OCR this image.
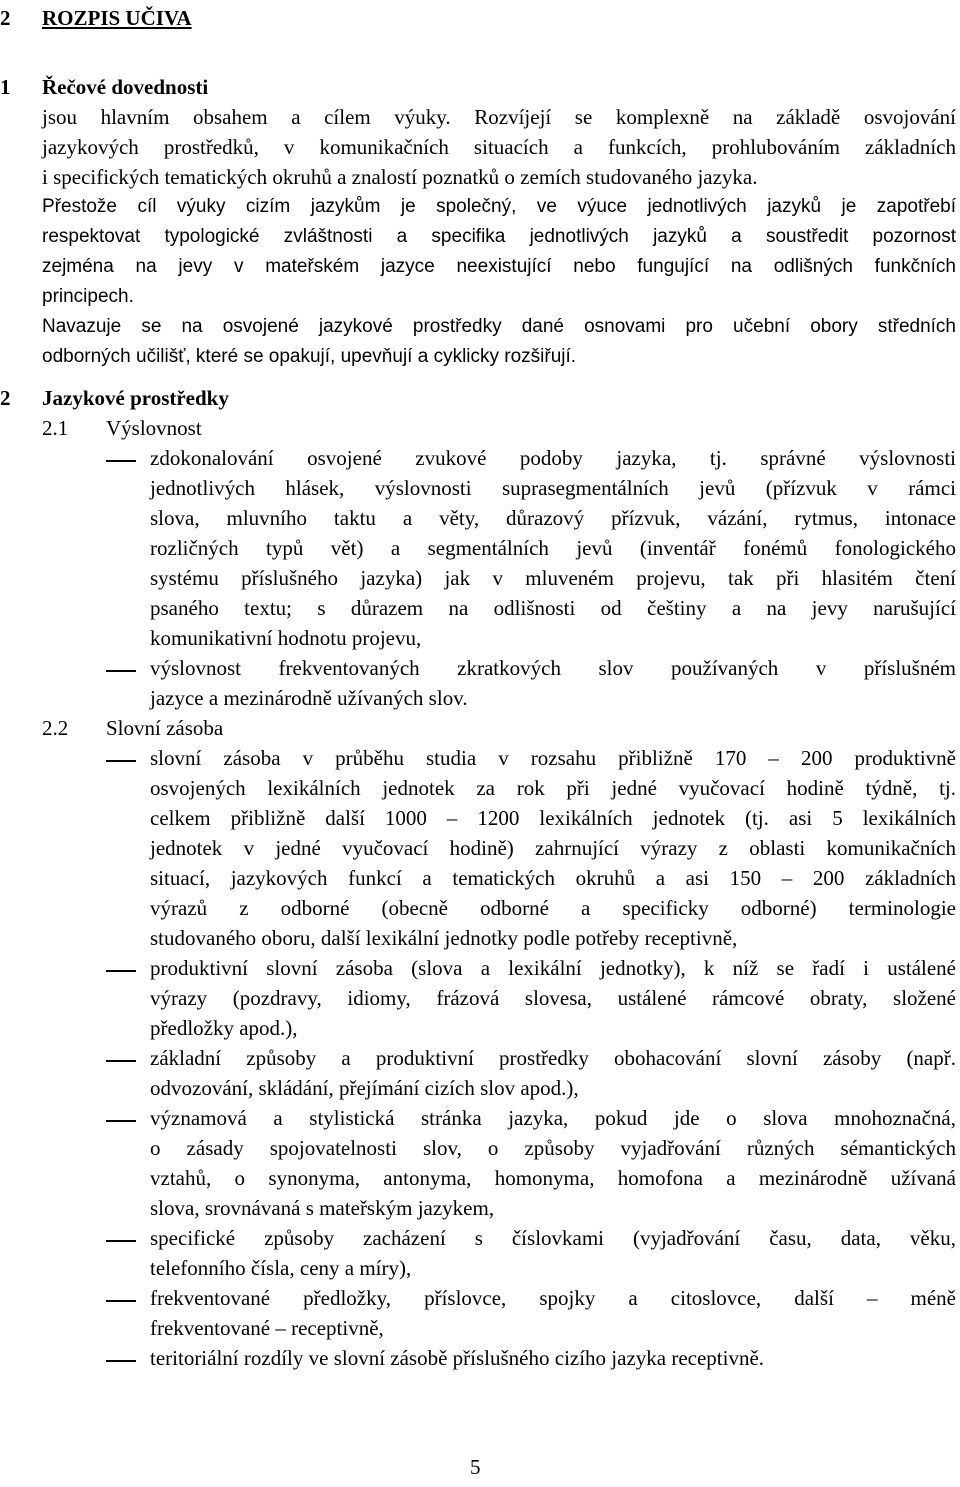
2 ROZPIS UČIVA
1 Řečové dovednosti
jsou hlavním obsahem a cílem výuky. Rozvíjejí se komplexně na základě osvojování
jazykových prostředků, v komunikačních situacích a funkcích, prohlubováním základních
i specifických tematických okruhů a znalostí poznatků o zemích studovaného jazyka.
Přestože cíl výuky cizím jazykům je společný, ve výuce jednotlivých jazyků je zapotřebí
respektovat typologické zvláštnosti a specifika jednotlivých jazyků a soustředit pozornost
zejména na jevy v mateřském jazyce neexistující nebo fungující na odlišných funkčních
principech.
Navazuje se na osvojené jazykové prostředky dané osnovami pro učební obory středních
odborných učilišť, které se opakují, upevňují a cyklicky rozšiřují.
2 Jazykové prostředky
2.1 Výslovnost
zdokonalování osvojené zvukové podoby jazyka, tj. správné výslovnosti
jednotlivých hlásek, výslovnosti suprasegmentálních jevů (přízvuk v rámci
slova, mluvního taktu a věty, důrazový přízvuk, vázání, rytmus, intonace
rozličných typů vět) a segmentálních jevů (inventář fonémů fonologického
systému příslušného jazyka) jak v mluveném projevu, tak při hlasitém čtení
psaného textu; s důrazem na odlišnosti od češtiny a na jevy narušující
komunikativní hodnotu projevu,
výslovnost frekventovaných zkratkových slov používaných v příslušném
jazyce a mezinárodně užívaných slov.
2.2 Slovní zásoba
slovní zásoba v průběhu studia v rozsahu přibližně 170 – 200 produktivně
osvojených lexikálních jednotek za rok při jedné vyučovací hodině týdně, tj.
celkem přibližně další 1000 – 1200 lexikálních jednotek (tj. asi 5 lexikálních
jednotek v jedné vyučovací hodině) zahrnující výrazy z oblasti komunikačních
situací, jazykových funkcí a tematických okruhů a asi 150 – 200 základních
výrazů z odborné (obecně odborné a specificky odborné) terminologie
studovaného oboru, další lexikální jednotky podle potřeby receptivně,
produktivní slovní zásoba (slova a lexikální jednotky), k níž se řadí i ustálené
výrazy (pozdravy, idiomy, frázová slovesa, ustálené rámcové obraty, složené
předložky apod.),
základní způsoby a produktivní prostředky obohacování slovní zásoby (např.
odvozování, skládání, přejímání cizích slov apod.),
významová a stylistická stránka jazyka, pokud jde o slova mnohoznačná,
o zásady spojovatelnosti slov, o způsoby vyjadřování různých sémantických
vztahů, o synonyma, antonyma, homonyma, homofona a mezinárodně užívaná
slova, srovnávaná s mateřským jazykem,
specifické způsoby zacházení s číslovkami (vyjadřování času, data, věku,
telefonního čísla, ceny a míry),
frekventované předložky, příslovce, spojky a citoslovce, další – méně
frekventované – receptivně,
teritoriální rozdíly ve slovní zásobě příslušného cizího jazyka receptivně.
5
